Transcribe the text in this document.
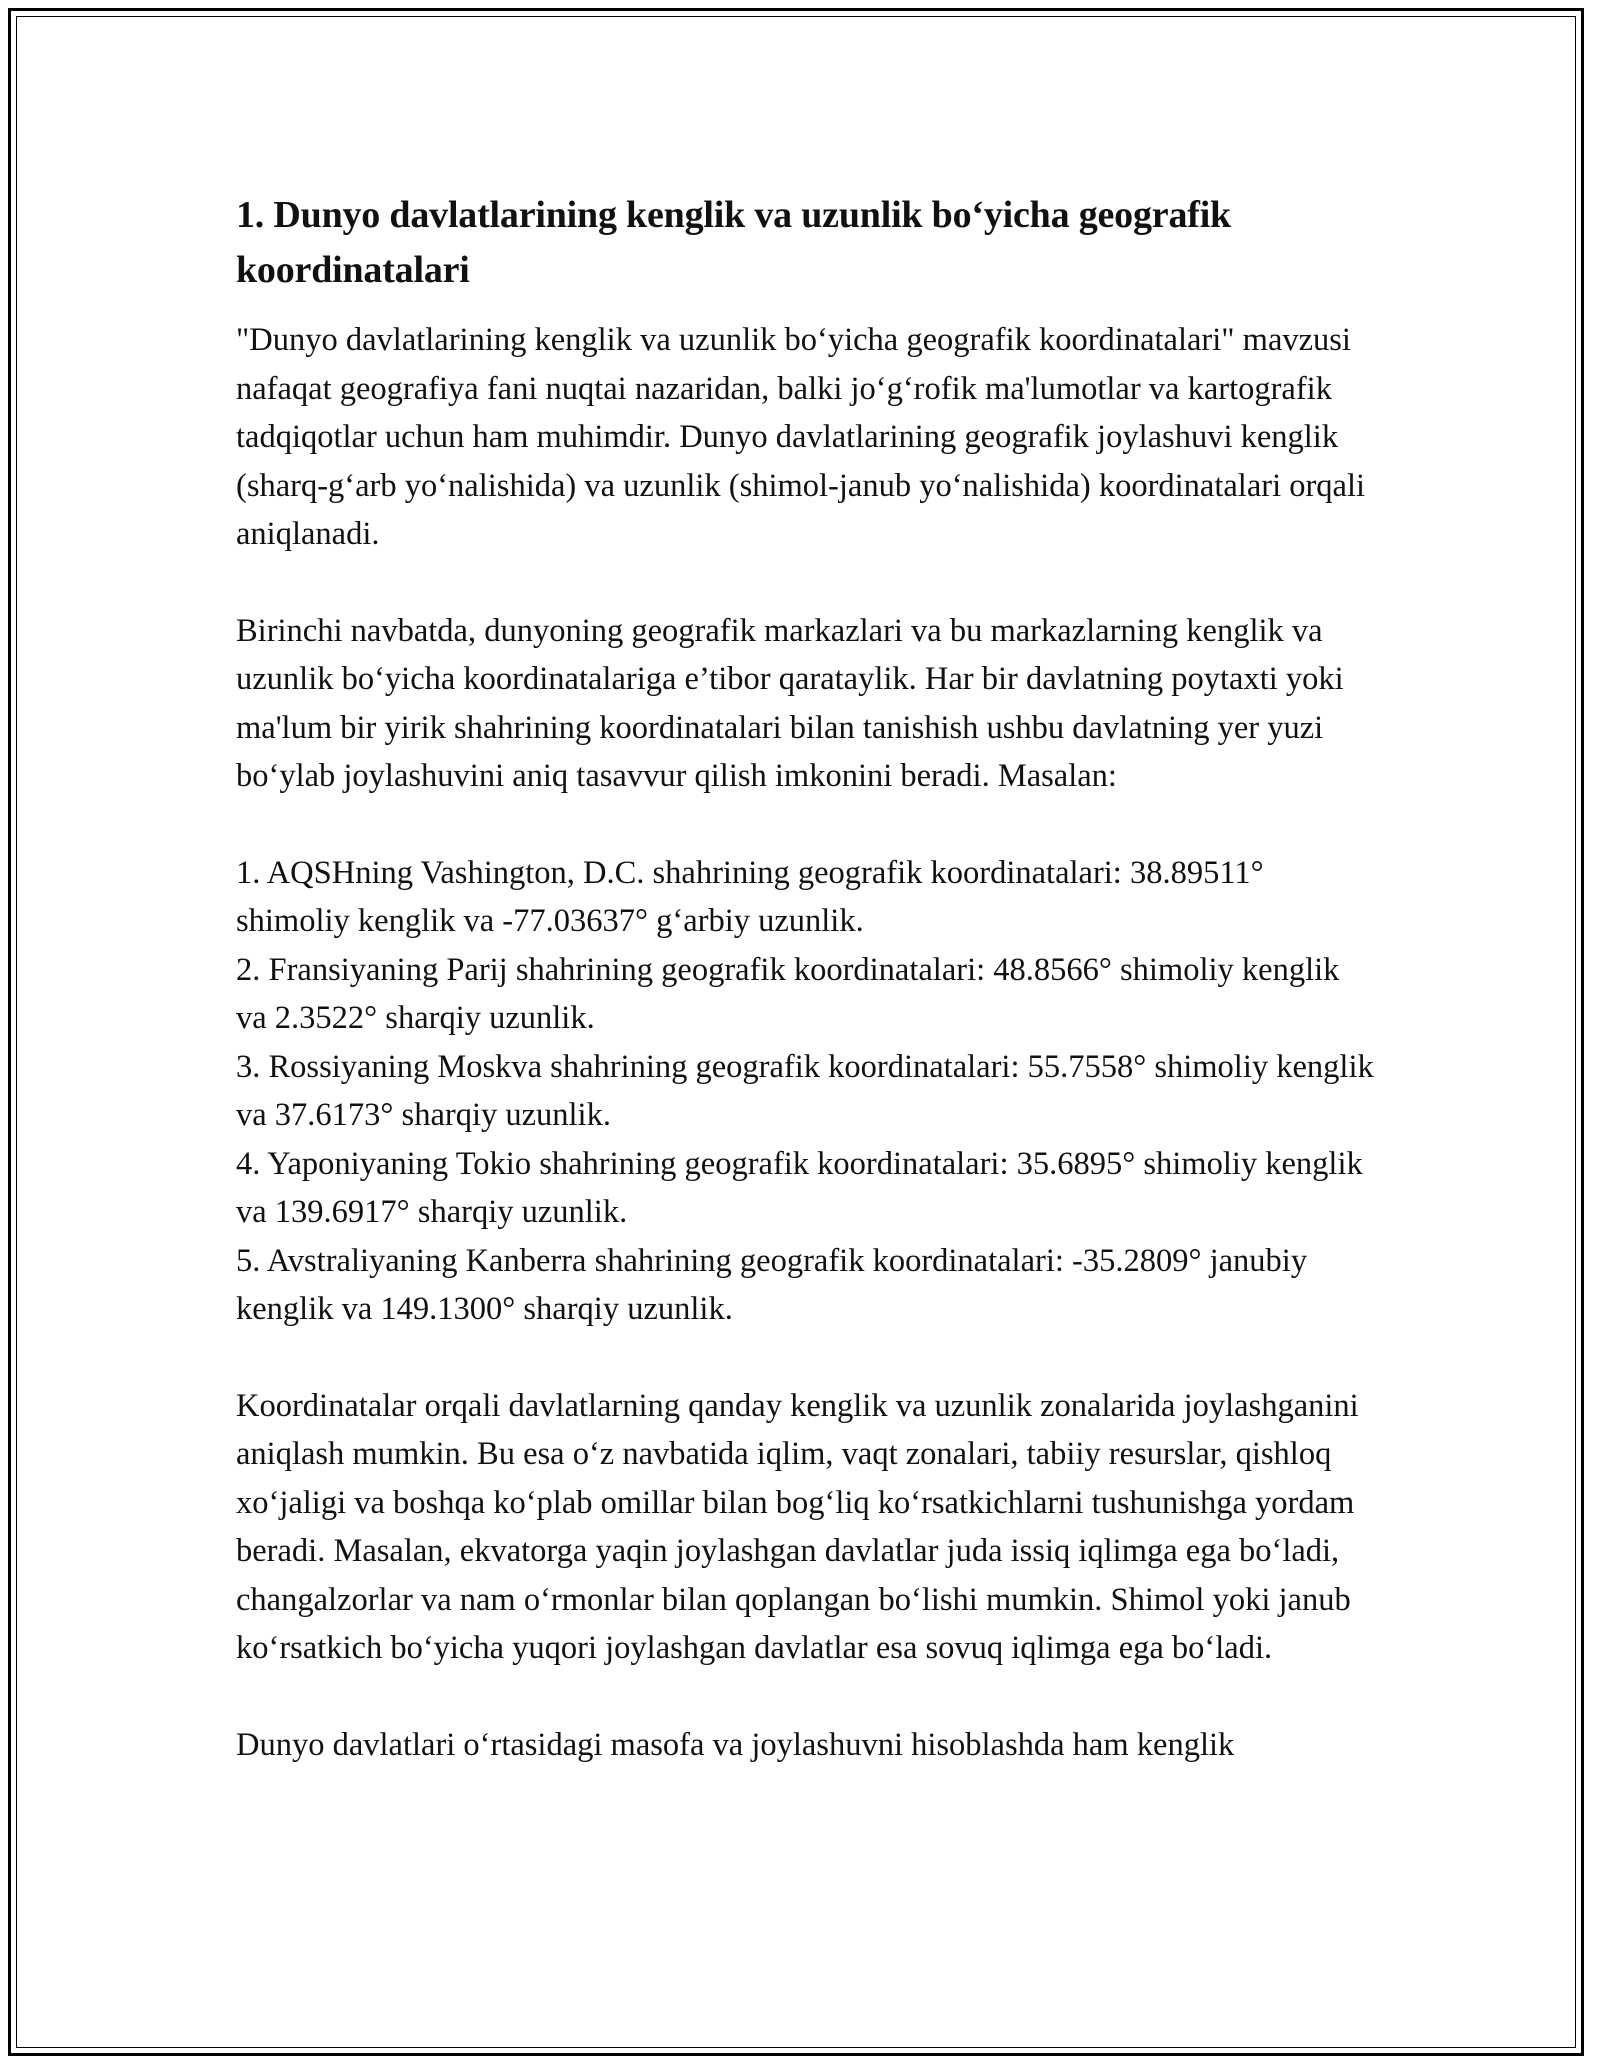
1. Dunyo davlatlarining kenglik va uzunlik boʻyicha geografik koordinatalari

"Dunyo davlatlarining kenglik va uzunlik boʻyicha geografik koordinatalari" mavzusi nafaqat geografiya fani nuqtai nazaridan, balki joʻgʻrofik ma'lumotlar va kartografik tadqiqotlar uchun ham muhimdir. Dunyo davlatlarining geografik joylashuvi kenglik (sharq-gʻarb yoʻnalishida) va uzunlik (shimol-janub yoʻnalishida) koordinatalari orqali aniqlanadi.

Birinchi navbatda, dunyoning geografik markazlari va bu markazlarning kenglik va uzunlik boʻyicha koordinatalariga e’tibor qarataylik. Har bir davlatning poytaxti yoki ma'lum bir yirik shahrining koordinatalari bilan tanishish ushbu davlatning yer yuzi boʻylab joylashuvini aniq tasavvur qilish imkonini beradi. Masalan:

1. AQSHning Vashington, D.C. shahrining geografik koordinatalari: 38.89511° shimoliy kenglik va -77.03637° gʻarbiy uzunlik.

2. Fransiyaning Parij shahrining geografik koordinatalari: 48.8566° shimoliy kenglik va 2.3522° sharqiy uzunlik.

3. Rossiyaning Moskva shahrining geografik koordinatalari: 55.7558° shimoliy kenglik va 37.6173° sharqiy uzunlik.

4. Yaponiyaning Tokio shahrining geografik koordinatalari: 35.6895° shimoliy kenglik va 139.6917° sharqiy uzunlik.

5. Avstraliyaning Kanberra shahrining geografik koordinatalari: -35.2809° janubiy kenglik va 149.1300° sharqiy uzunlik.

Koordinatalar orqali davlatlarning qanday kenglik va uzunlik zonalarida joylashganini aniqlash mumkin. Bu esa oʻz navbatida iqlim, vaqt zonalari, tabiiy resurslar, qishloq xoʻjaligi va boshqa koʻplab omillar bilan bogʻliq koʻrsatkichlarni tushunishga yordam beradi. Masalan, ekvatorga yaqin joylashgan davlatlar juda issiq iqlimga ega boʻladi, changalzorlar va nam oʻrmonlar bilan qoplangan boʻlishi mumkin. Shimol yoki janub koʻrsatkich boʻyicha yuqori joylashgan davlatlar esa sovuq iqlimga ega boʻladi.

Dunyo davlatlari oʻrtasidagi masofa va joylashuvni hisoblashda ham kenglik
